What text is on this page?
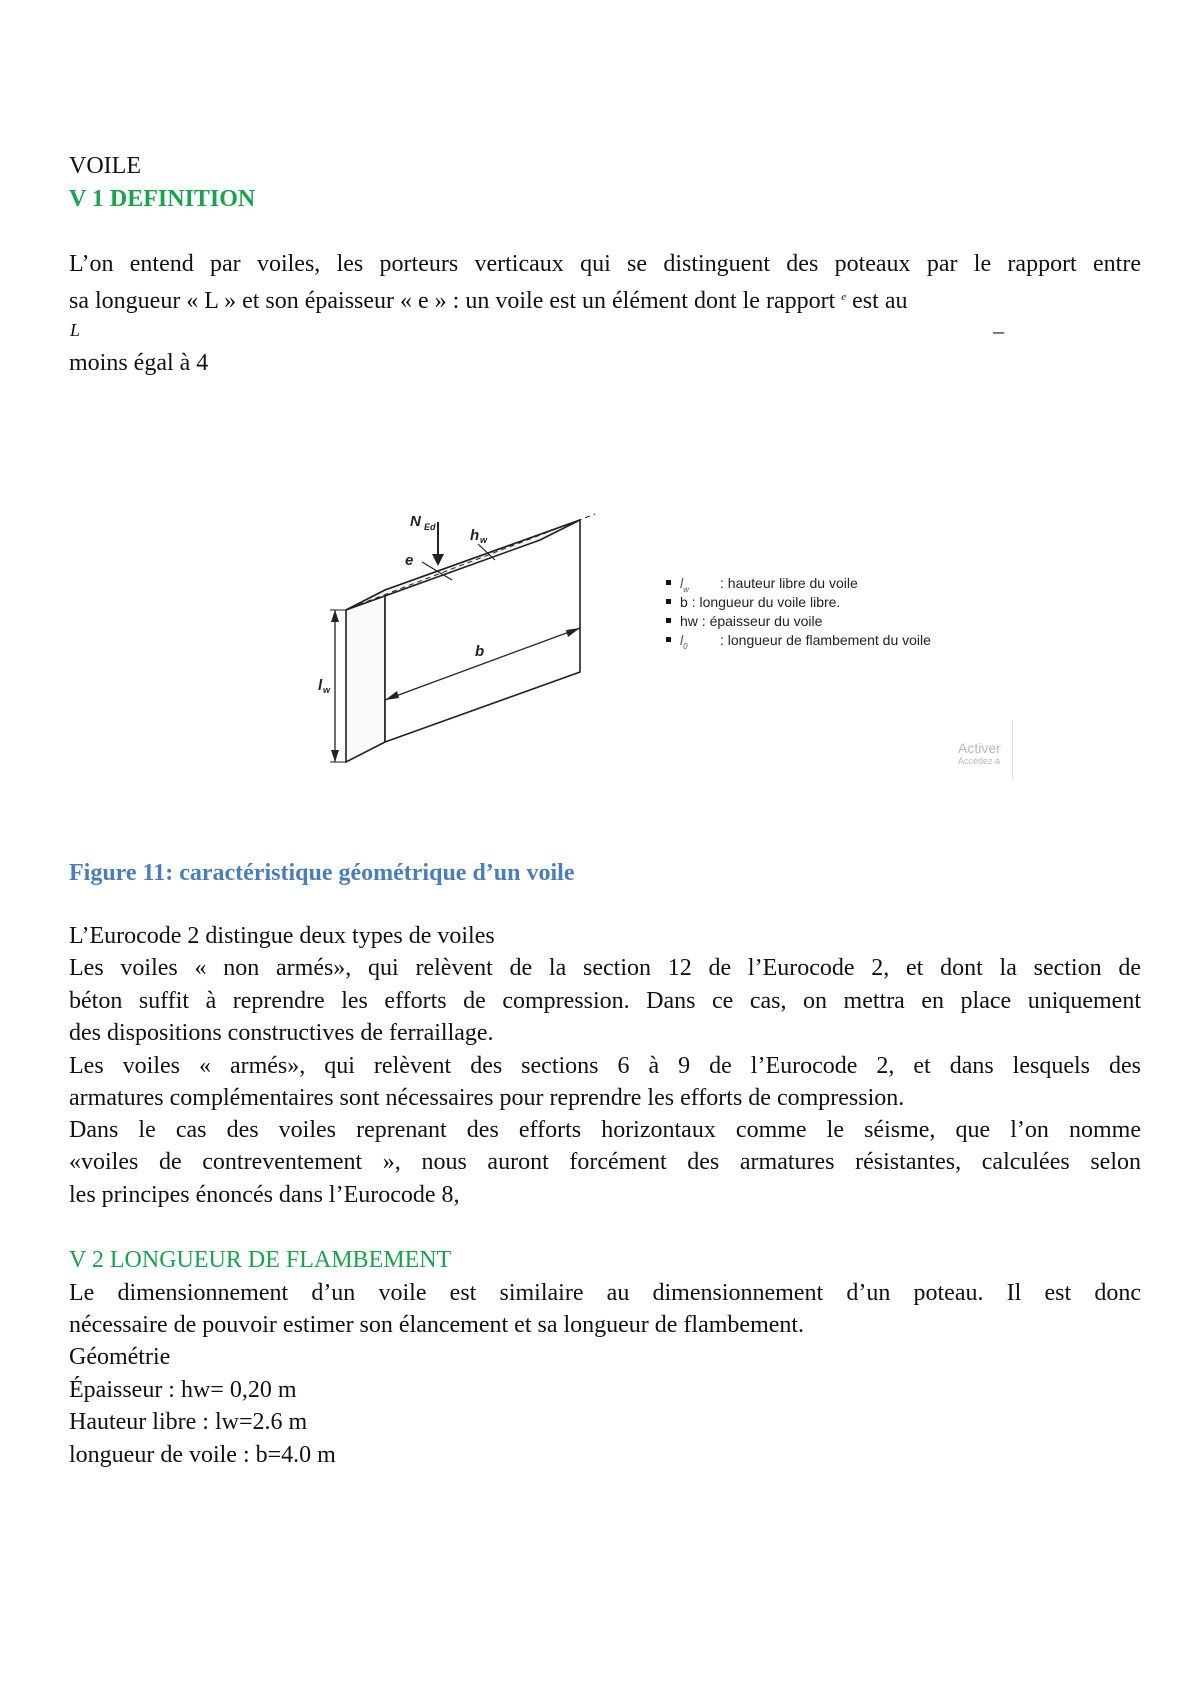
VOILE
V 1 DEFINITION
L’on entend par voiles, les porteurs verticaux qui se distinguent des poteaux par le rapport entre
sa longueur « L » et son épaisseur « e » : un voile est un élément dont le rapport $^e$ est au
L	–
moins égal à 4
N Ed h w
e
b
l w
$l_w$ : hauteur libre du voile
b : longueur du voile libre.
hw : épaisseur du voile
$l_0$ : longueur de flambement du voile
Activer
Accédez à
Figure 11: caractéristique géométrique d’un voile
L’Eurocode 2 distingue deux types de voiles
Les voiles « non armés», qui relèvent de la section 12 de l’Eurocode 2, et dont la section de
béton suffit à reprendre les efforts de compression. Dans ce cas, on mettra en place uniquement
des dispositions constructives de ferraillage.
Les voiles « armés», qui relèvent des sections 6 à 9 de l’Eurocode 2, et dans lesquels des
armatures complémentaires sont nécessaires pour reprendre les efforts de compression.
Dans le cas des voiles reprenant des efforts horizontaux comme le séisme, que l’on nomme
«voiles de contreventement », nous auront forcément des armatures résistantes, calculées selon
les principes énoncés dans l’Eurocode 8,
V 2 LONGUEUR DE FLAMBEMENT
Le dimensionnement d’un voile est similaire au dimensionnement d’un poteau. Il est donc
nécessaire de pouvoir estimer son élancement et sa longueur de flambement.
Géométrie
Épaisseur : hw= 0,20 m
Hauteur libre : lw=2.6 m
longueur de voile : b=4.0 m
